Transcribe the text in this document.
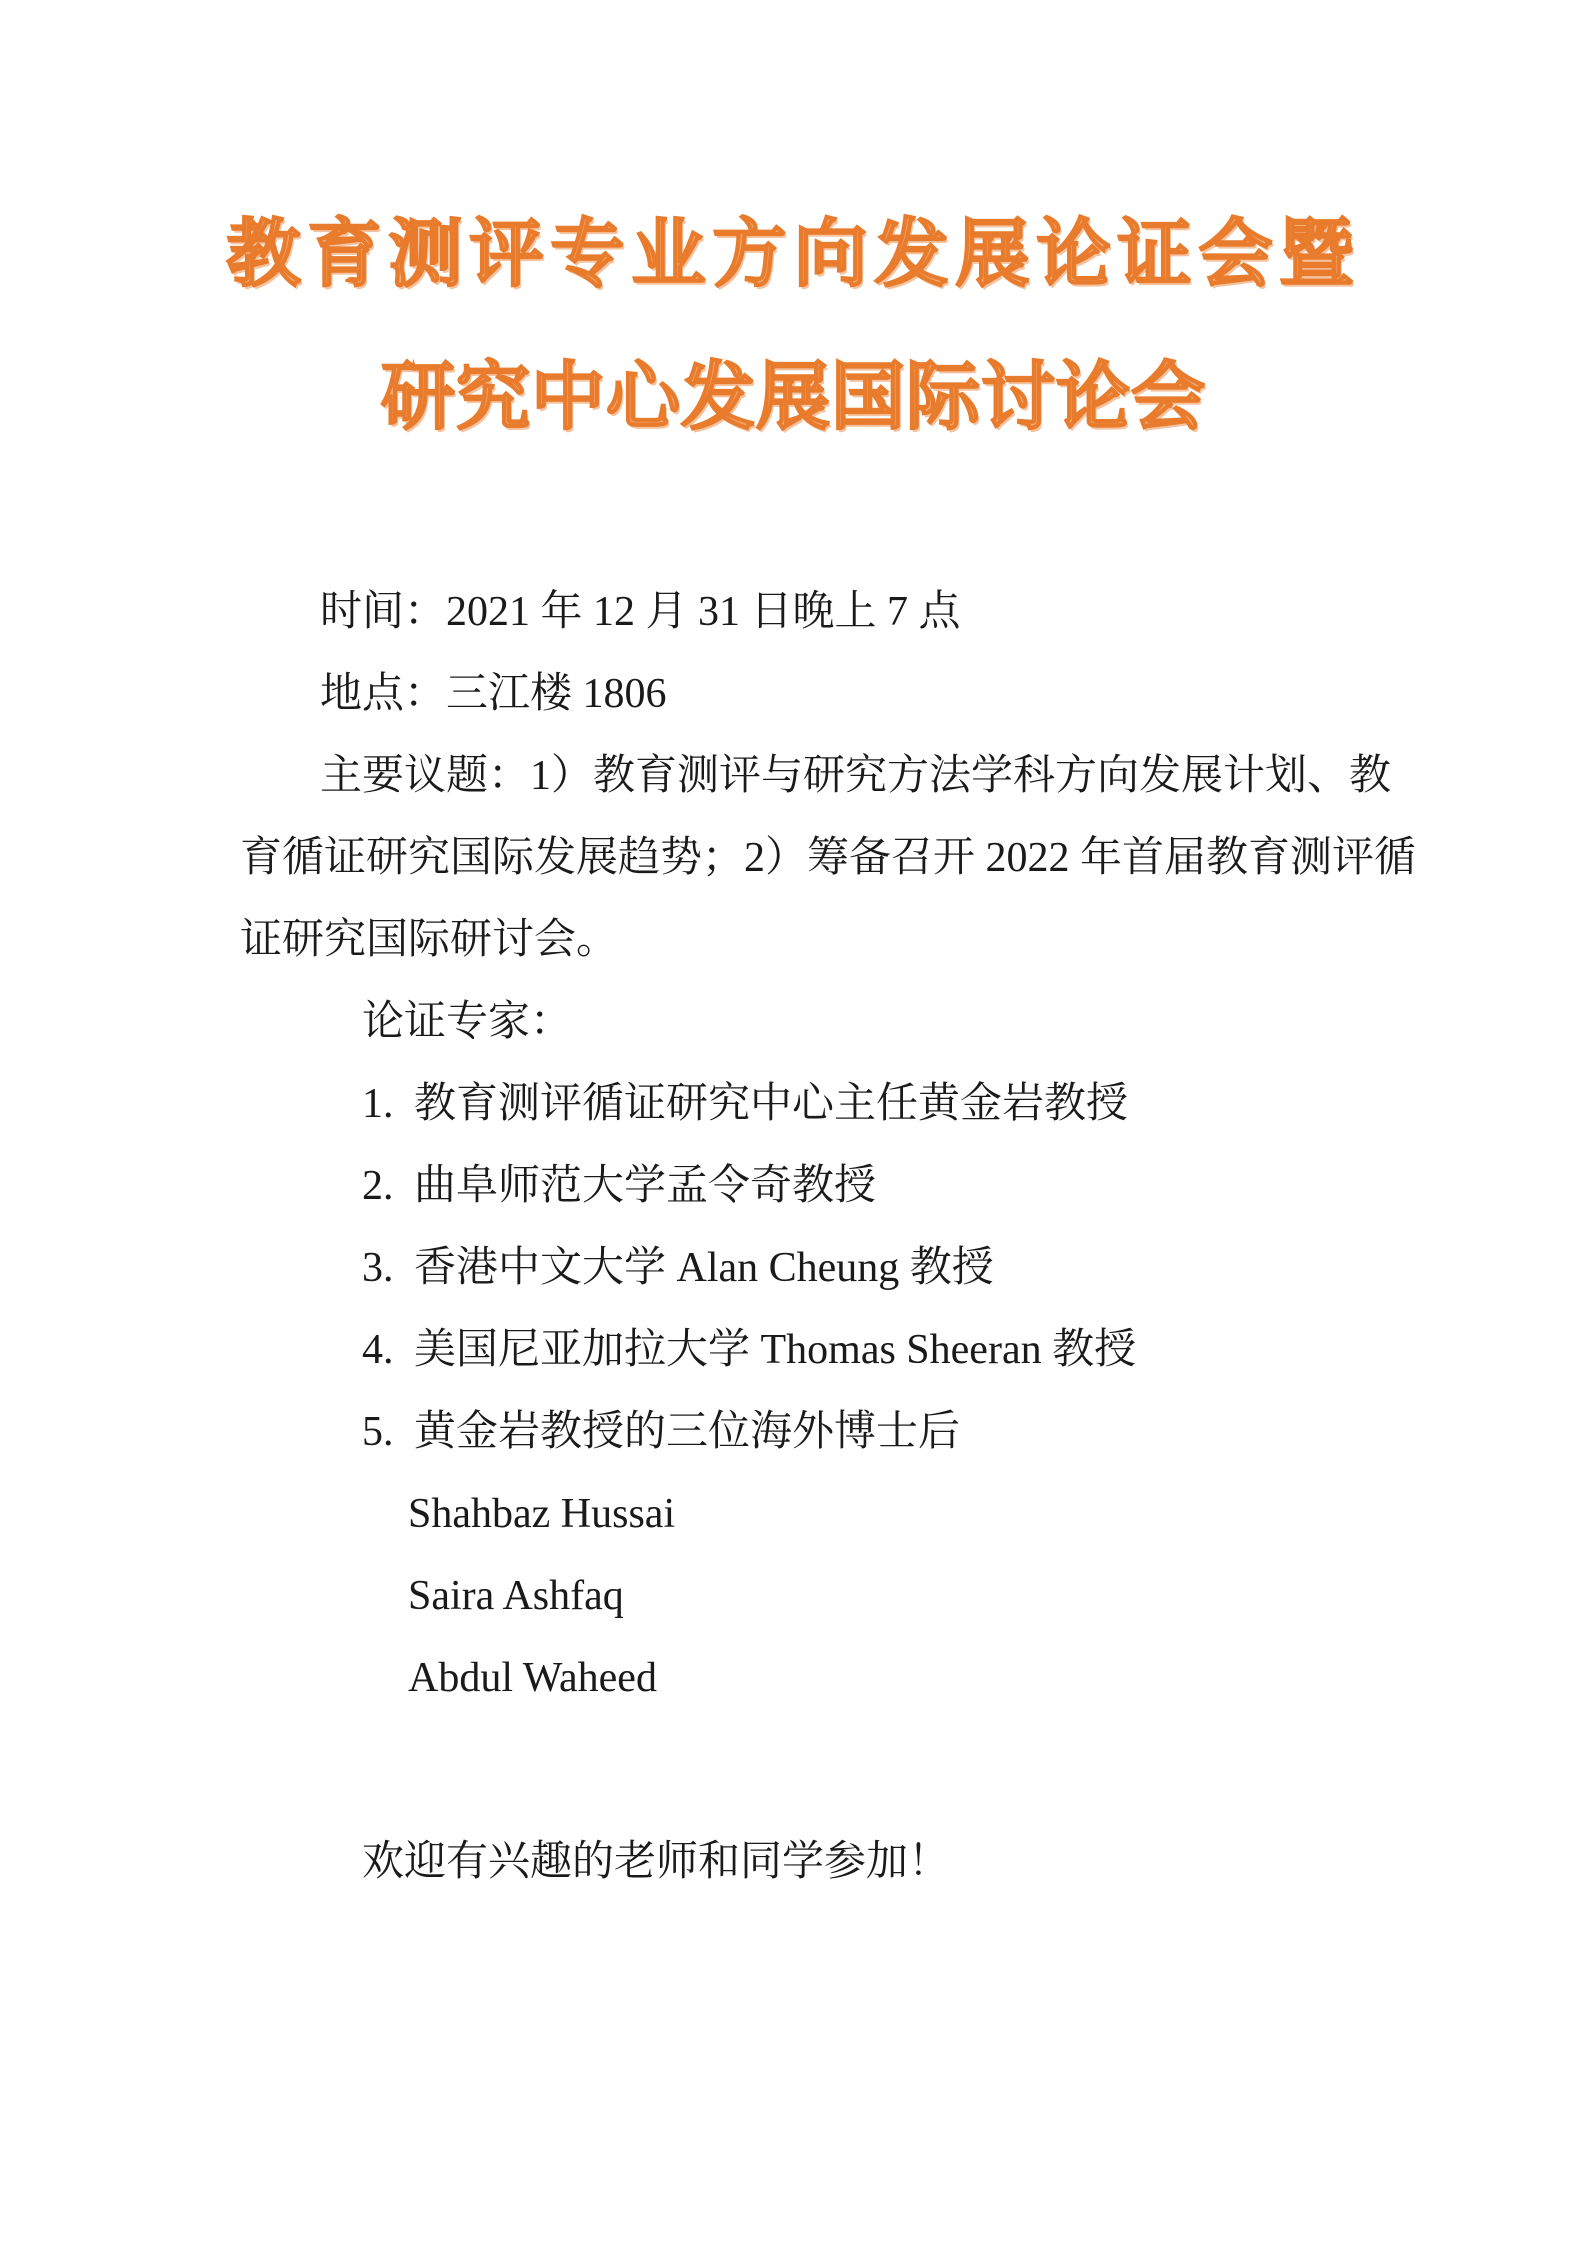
教育测评专业方向发展论证会暨
研究中心发展国际讨论会
时间：2021 年 12 月 31 日晚上 7 点
地点：三江楼 1806
主要议题：1）教育测评与研究方法学科方向发展计划、教
育循证研究国际发展趋势；2）筹备召开 2022 年首届教育测评循
证研究国际研讨会。
论证专家：
1. 教育测评循证研究中心主任黄金岩教授
2. 曲阜师范大学孟令奇教授
3. 香港中文大学 Alan Cheung 教授
4. 美国尼亚加拉大学 Thomas Sheeran 教授
5. 黄金岩教授的三位海外博士后
Shahbaz Hussai
Saira Ashfaq
Abdul Waheed
欢迎有兴趣的老师和同学参加！
